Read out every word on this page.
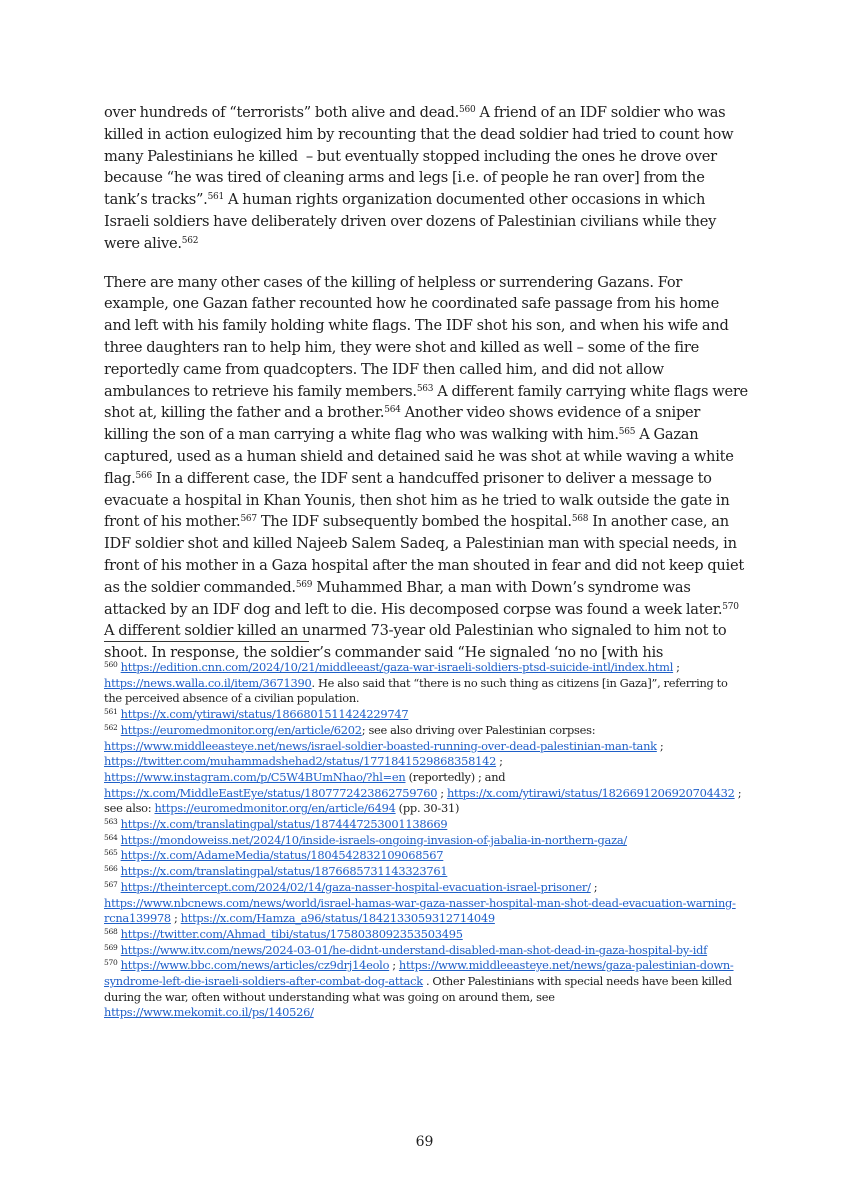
over hundreds of “terrorists” both alive and dead.$^{560}$ A friend of an IDF soldier who was killed in action eulogized him by recounting that the dead soldier had tried to count how many Palestinians he killed  – but eventually stopped including the ones he drove over because “he was tired of cleaning arms and legs [i.e. of people he ran over] from the tank’s tracks”.$^{561}$ A human rights organization documented other occasions in which Israeli soldiers have deliberately driven over dozens of Palestinian civilians while they were alive.$^{562}$

There are many other cases of the killing of helpless or surrendering Gazans. For example, one Gazan father recounted how he coordinated safe passage from his home and left with his family holding white flags. The IDF shot his son, and when his wife and three daughters ran to help him, they were shot and killed as well – some of the fire reportedly came from quadcopters. The IDF then called him, and did not allow ambulances to retrieve his family members.$^{563}$ A different family carrying white flags were shot at, killing the father and a brother.$^{564}$ Another video shows evidence of a sniper killing the son of a man carrying a white flag who was walking with him.$^{565}$ A Gazan captured, used as a human shield and detained said he was shot at while waving a white flag.$^{566}$ In a different case, the IDF sent a handcuffed prisoner to deliver a message to evacuate a hospital in Khan Younis, then shot him as he tried to walk outside the gate in front of his mother.$^{567}$ The IDF subsequently bombed the hospital.$^{568}$ In another case, an IDF soldier shot and killed Najeeb Salem Sadeq, a Palestinian man with special needs, in front of his mother in a Gaza hospital after the man shouted in fear and did not keep quiet as the soldier commanded.$^{569}$ Muhammed Bhar, a man with Down’s syndrome was attacked by an IDF dog and left to die. His decomposed corpse was found a week later.$^{570}$ A different soldier killed an unarmed 73-year old Palestinian who signaled to him not to shoot. In response, the soldier’s commander said “He signaled ‘no no [with his

$^{560}$ https://edition.cnn.com/2024/10/21/middleeast/gaza-war-israeli-soldiers-ptsd-suicide-intl/index.html ; https://news.walla.co.il/item/3671390. He also said that “there is no such thing as citizens [in Gaza]”, referring to the perceived absence of a civilian population.
$^{561}$ https://x.com/ytirawi/status/1866801511424229747
$^{562}$ https://euromedmonitor.org/en/article/6202; see also driving over Palestinian corpses: https://www.middleeasteye.net/news/israel-soldier-boasted-running-over-dead-palestinian-man-tank ; https://twitter.com/muhammadshehad2/status/1771841529868358142 ; https://www.instagram.com/p/C5W4BUmNhao/?hl=en (reportedly) ; and https://x.com/MiddleEastEye/status/1807772423862759760 ; https://x.com/ytirawi/status/1826691206920704432 ; see also: https://euromedmonitor.org/en/article/6494 (pp. 30-31)
$^{563}$ https://x.com/translatingpal/status/1874447253001138669
$^{564}$ https://mondoweiss.net/2024/10/inside-israels-ongoing-invasion-of-jabalia-in-northern-gaza/
$^{565}$ https://x.com/AdameMedia/status/1804542832109068567
$^{566}$ https://x.com/translatingpal/status/1876685731143323761
$^{567}$ https://theintercept.com/2024/02/14/gaza-nasser-hospital-evacuation-israel-prisoner/ ; https://www.nbcnews.com/news/world/israel-hamas-war-gaza-nasser-hospital-man-shot-dead-evacuation-warning-rcna139978 ; https://x.com/Hamza_a96/status/1842133059312714049
$^{568}$ https://twitter.com/Ahmad_tibi/status/1758038092353503495
$^{569}$ https://www.itv.com/news/2024-03-01/he-didnt-understand-disabled-man-shot-dead-in-gaza-hospital-by-idf
$^{570}$ https://www.bbc.com/news/articles/cz9drj14eolo ; https://www.middleeasteye.net/news/gaza-palestinian-down-syndrome-left-die-israeli-soldiers-after-combat-dog-attack . Other Palestinians with special needs have been killed during the war, often without understanding what was going on around them, see https://www.mekomit.co.il/ps/140526/
69
